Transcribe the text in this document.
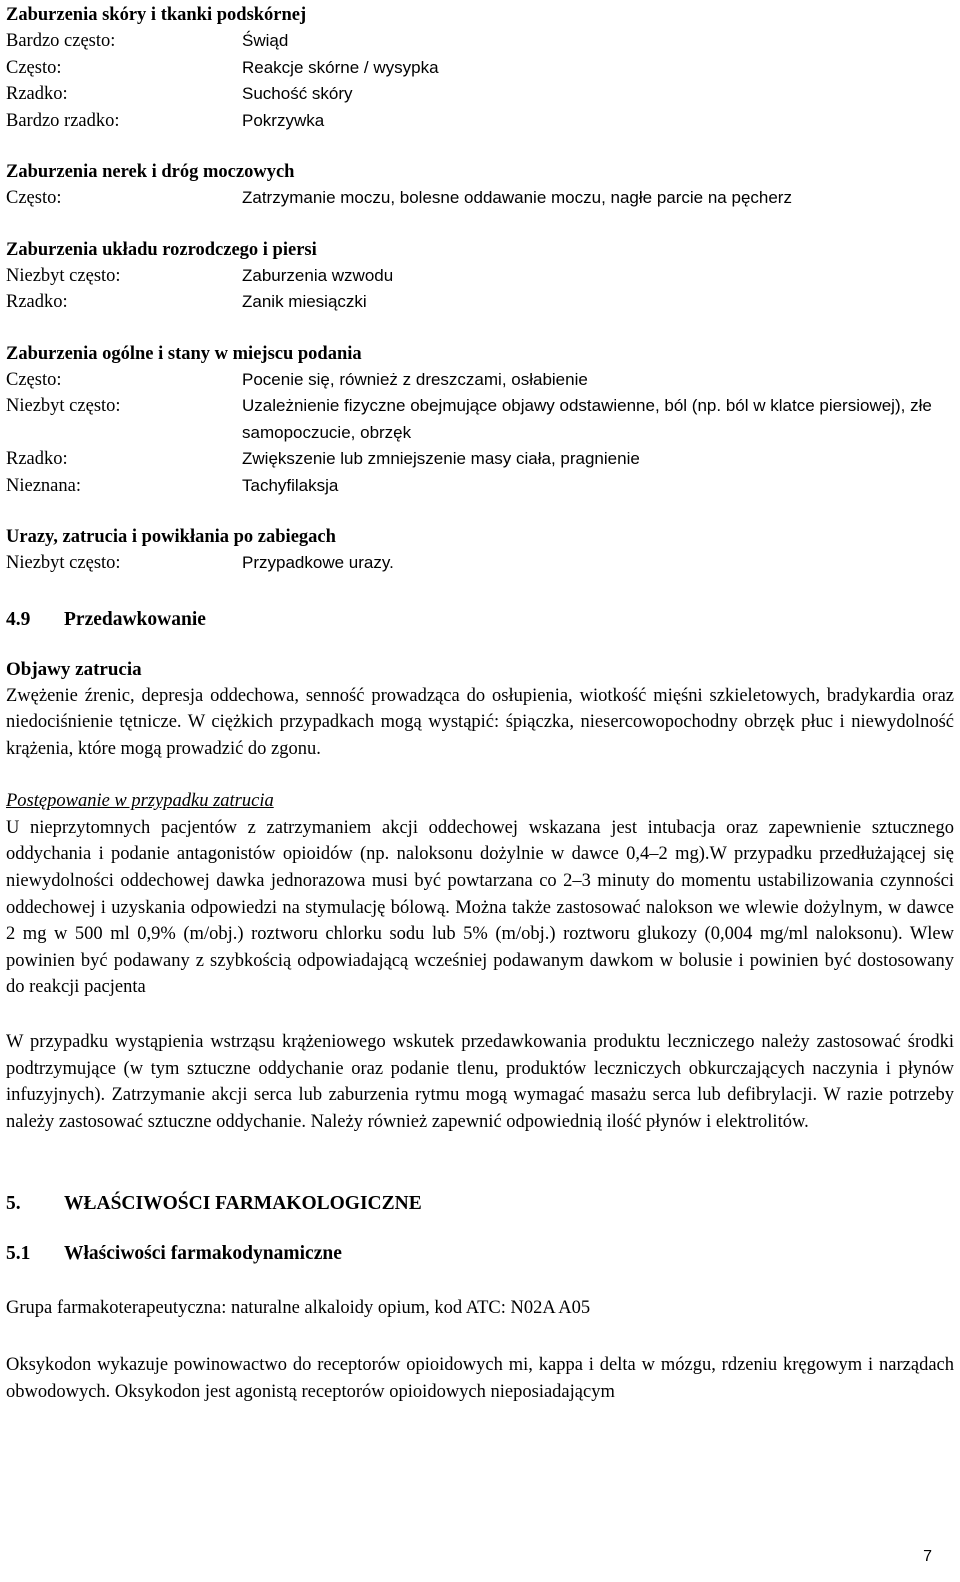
Zaburzenia skóry i tkanki podskórnej

Bardzo często:	Świąd
Często:	Reakcje skórne / wysypka
Rzadko:	Suchość skóry
Bardzo rzadko:	Pokrzywka

Zaburzenia nerek i dróg moczowych

Często:	Zatrzymanie moczu, bolesne oddawanie moczu, nagłe parcie na pęcherz

Zaburzenia układu rozrodczego i piersi

Niezbyt często:	Zaburzenia wzwodu
Rzadko:	Zanik miesiączki

Zaburzenia ogólne i stany w miejscu podania

Często:	Pocenie się, również z dreszczami, osłabienie
Niezbyt często:	Uzależnienie fizyczne obejmujące objawy odstawienne, ból (np. ból w klatce piersiowej), złe samopoczucie, obrzęk
Rzadko:	Zwiększenie lub zmniejszenie masy ciała, pragnienie
Nieznana:	Tachyfilaksja

Urazy, zatrucia i powikłania po zabiegach

Niezbyt często:	Przypadkowe urazy.

4.9 Przedawkowanie

Objawy zatrucia

Zwężenie źrenic, depresja oddechowa, senność prowadząca do osłupienia, wiotkość mięśni szkieletowych, bradykardia oraz niedociśnienie tętnicze. W ciężkich przypadkach mogą wystąpić: śpiączka, niesercowopochodny obrzęk płuc i niewydolność krążenia, które mogą prowadzić do zgonu.

Postępowanie w przypadku zatrucia

U nieprzytomnych pacjentów z zatrzymaniem akcji oddechowej wskazana jest intubacja oraz zapewnienie sztucznego oddychania i podanie antagonistów opioidów (np. naloksonu dożylnie w dawce 0,4–2 mg).W przypadku przedłużającej się niewydolności oddechowej dawka jednorazowa musi być powtarzana co 2–3 minuty do momentu ustabilizowania czynności oddechowej i uzyskania odpowiedzi na stymulację bólową. Można także zastosować nalokson we wlewie dożylnym, w dawce 2 mg w 500 ml 0,9% (m/obj.) roztworu chlorku sodu lub 5% (m/obj.) roztworu glukozy (0,004 mg/ml naloksonu). Wlew powinien być podawany z szybkością odpowiadającą wcześniej podawanym dawkom w bolusie i powinien być dostosowany do reakcji pacjenta

W przypadku wystąpienia wstrząsu krążeniowego wskutek przedawkowania produktu leczniczego należy zastosować środki podtrzymujące (w tym sztuczne oddychanie oraz podanie tlenu, produktów leczniczych obkurczających naczynia i płynów infuzyjnych). Zatrzymanie akcji serca lub zaburzenia rytmu mogą wymagać masażu serca lub defibrylacji. W razie potrzeby należy zastosować sztuczne oddychanie. Należy również zapewnić odpowiednią ilość płynów i elektrolitów.

5. WŁAŚCIWOŚCI FARMAKOLOGICZNE

5.1 Właściwości farmakodynamiczne

Grupa farmakoterapeutyczna: naturalne alkaloidy opium, kod ATC: N02A A05

Oksykodon wykazuje powinowactwo do receptorów opioidowych mi, kappa i delta w mózgu, rdzeniu kręgowym i narządach obwodowych. Oksykodon jest agonistą receptorów opioidowych nieposiadającym

7
